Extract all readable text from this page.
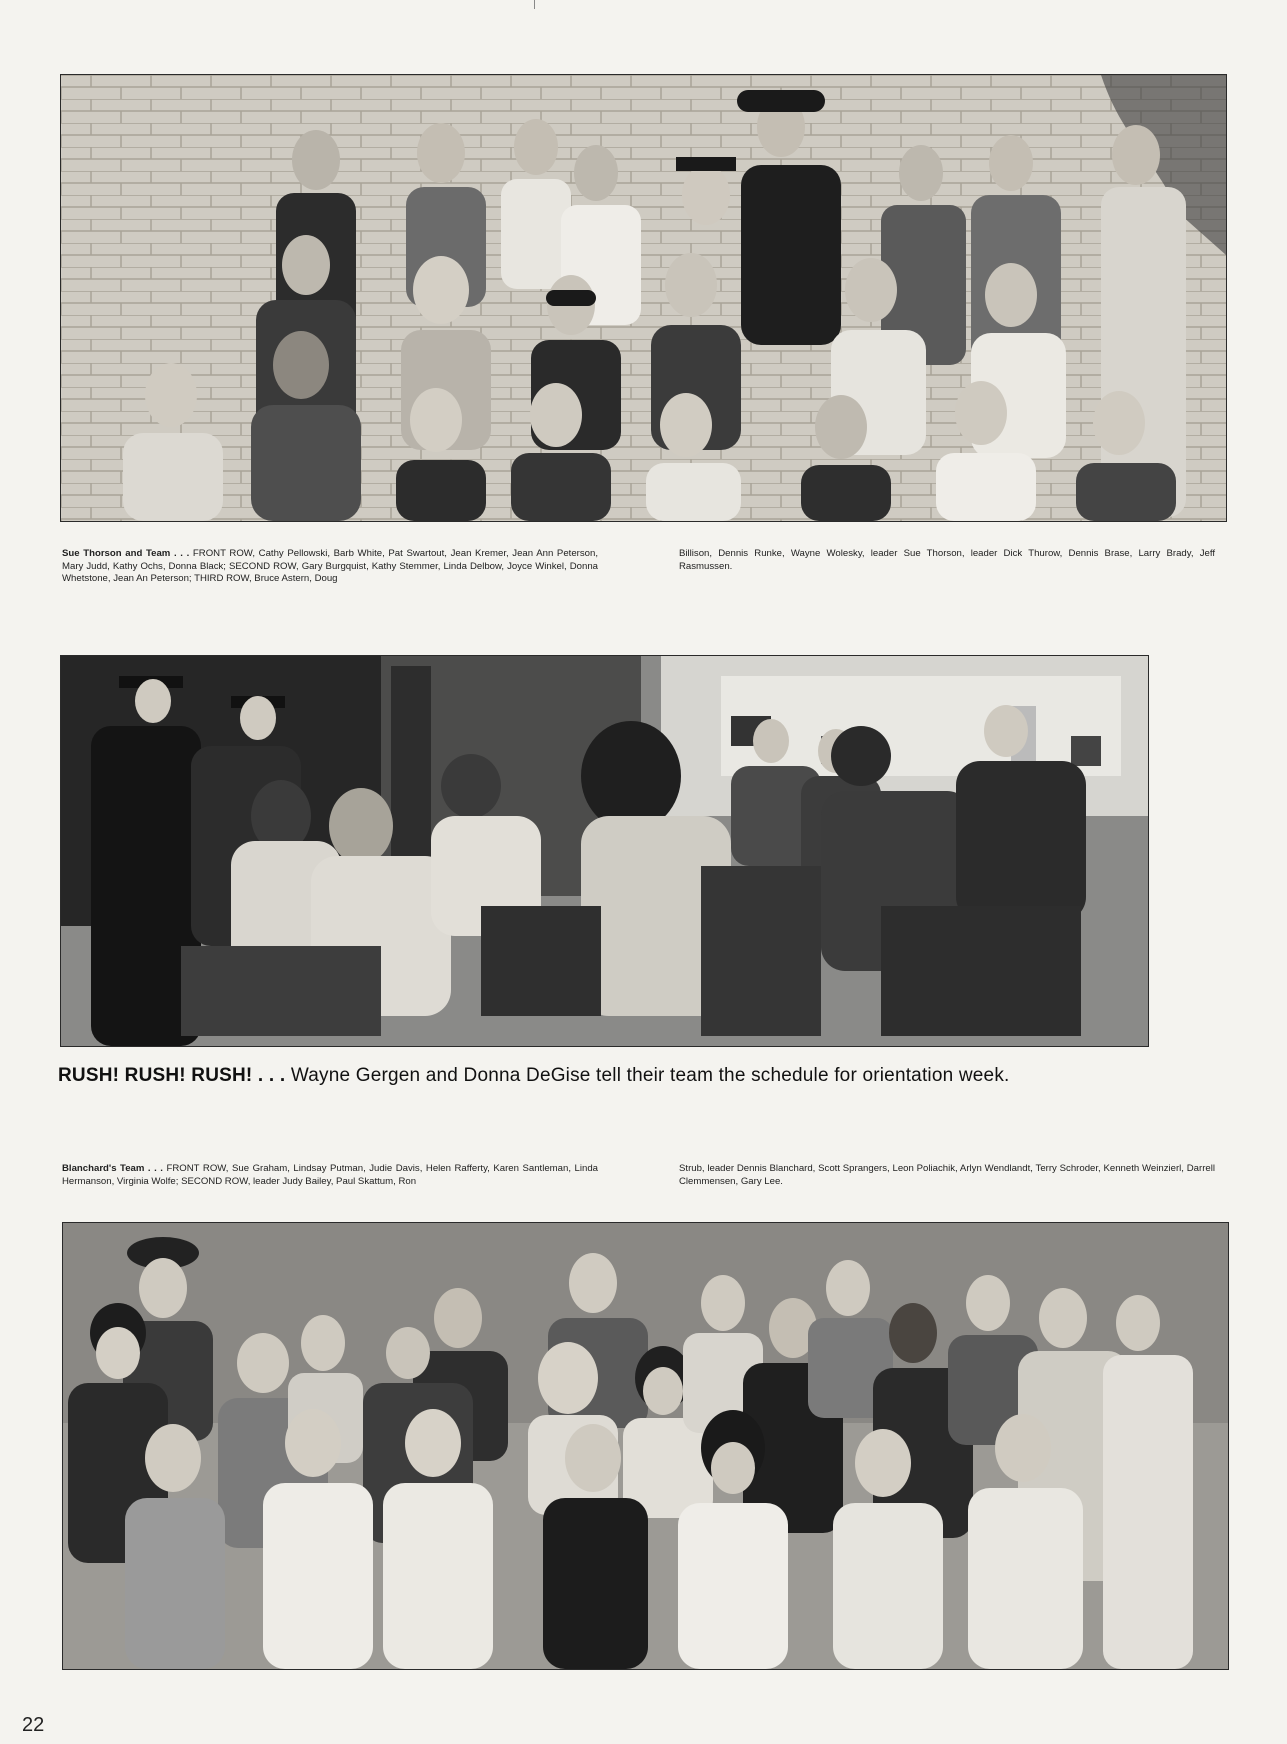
Sue Thorson and Team . . . FRONT ROW, Cathy Pellowski, Barb White, Pat Swartout, Jean Kremer, Jean Ann Peterson, Mary Judd, Kathy Ochs, Donna Black; SECOND ROW, Gary Burgquist, Kathy Stemmer, Linda Delbow, Joyce Winkel, Donna Whetstone, Jean An Peterson; THIRD ROW, Bruce Astern, Doug
Billison, Dennis Runke, Wayne Wolesky, leader Sue Thorson, leader Dick Thurow, Dennis Brase, Larry Brady, Jeff Rasmussen.
RUSH! RUSH! RUSH! . . . Wayne Gergen and Donna DeGise tell their team the schedule for orientation week.
Blanchard's Team . . . FRONT ROW, Sue Graham, Lindsay Putman, Judie Davis, Helen Rafferty, Karen Santleman, Linda Hermanson, Virginia Wolfe; SECOND ROW, leader Judy Bailey, Paul Skattum, Ron
Strub, leader Dennis Blanchard, Scott Sprangers, Leon Poliachik, Arlyn Wendlandt, Terry Schroder, Kenneth Weinzierl, Darrell Clemmensen, Gary Lee.
22
